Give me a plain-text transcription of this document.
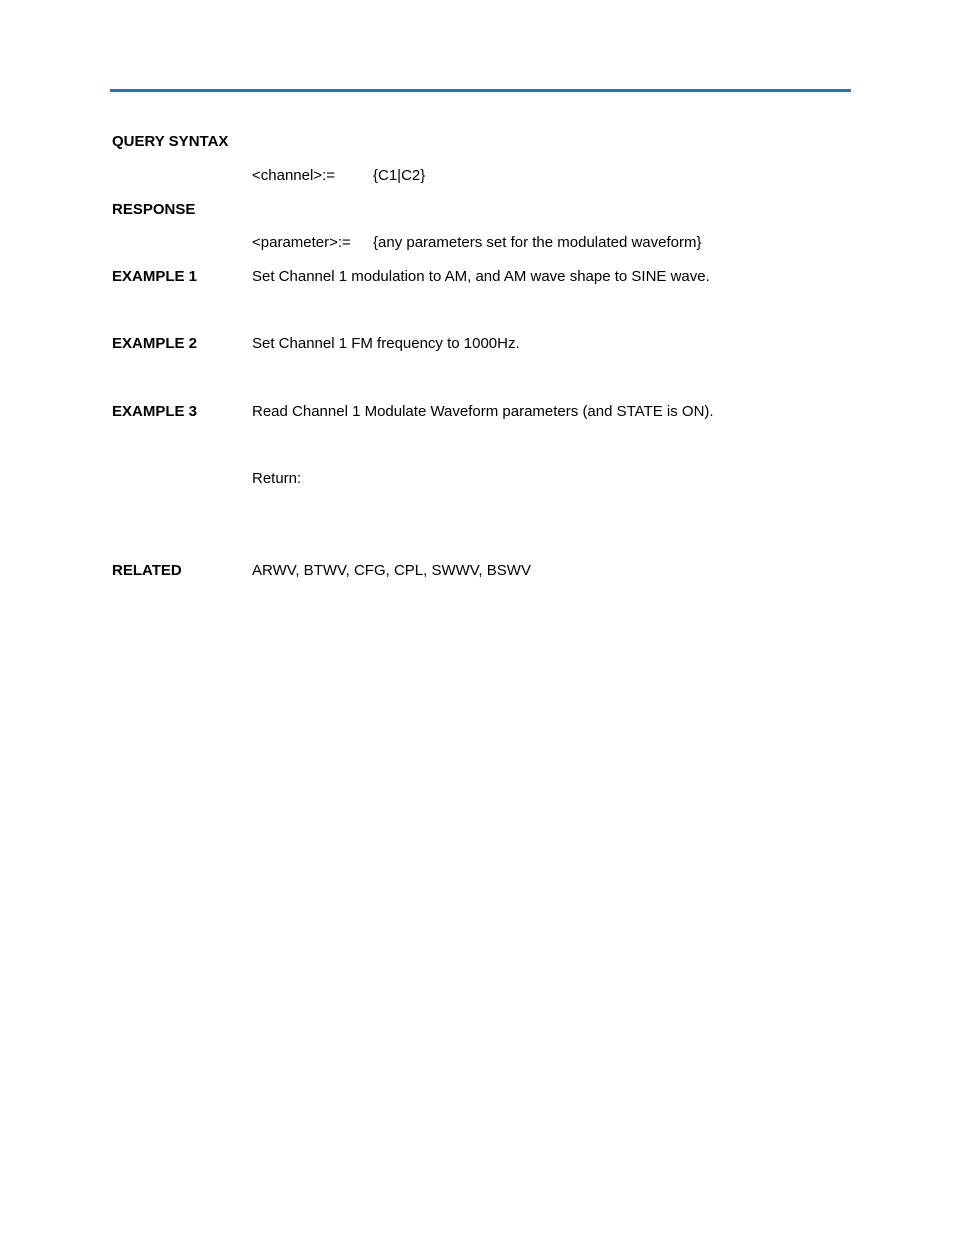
QUERY SYNTAX
<channel>:=	{C1|C2}
RESPONSE
<parameter>:= {any parameters set for the modulated waveform}
EXAMPLE 1	Set Channel 1 modulation to AM, and AM wave shape to SINE wave.
EXAMPLE 2	Set Channel 1 FM frequency to 1000Hz.
EXAMPLE 3	Read Channel 1 Modulate Waveform parameters (and STATE is ON).
Return:
RELATED	ARWV, BTWV, CFG, CPL, SWWV, BSWV
